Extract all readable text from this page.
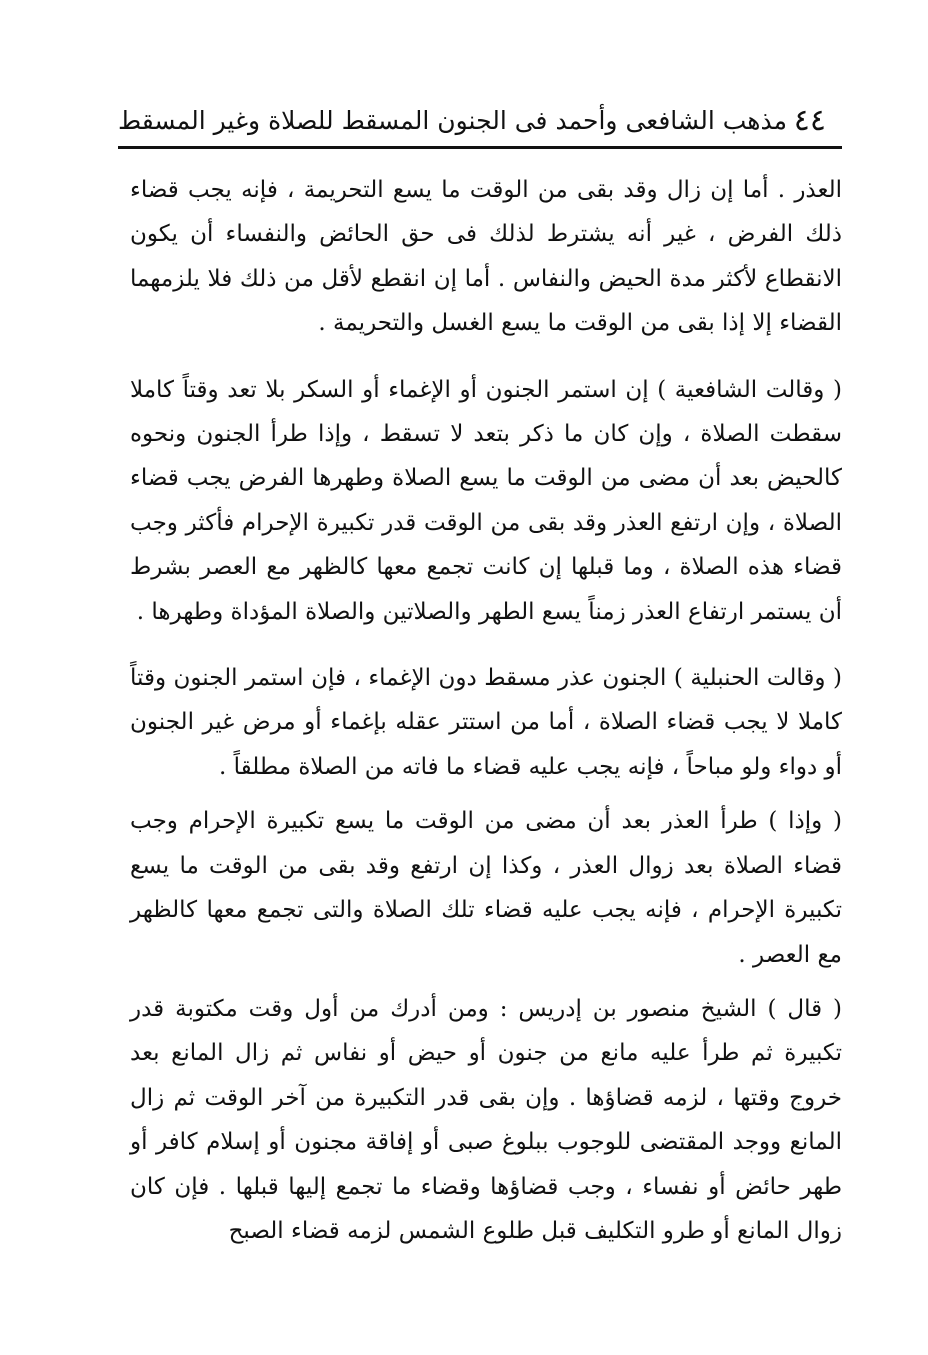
٤٤
مذهب الشافعى وأحمد فى الجنون المسقط للصلاة وغير المسقط

العذر . أما إن زال وقد بقى من الوقت ما يسع التحريمة ، فإنه يجب قضاء ذلك الفرض ، غير أنه يشترط لذلك فى حق الحائض والنفساء أن يكون الانقطاع لأكثر مدة الحيض والنفاس . أما إن انقطع لأقل من ذلك فلا يلزمهما القضاء إلا إذا بقى من الوقت ما يسع الغسل والتحريمة .

( وقالت الشافعية ) إن استمر الجنون أو الإغماء أو السكر بلا تعد وقتاً كاملا سقطت الصلاة ، وإن كان ما ذكر بتعد لا تسقط ، وإذا طرأ الجنون ونحوه كالحيض بعد أن مضى من الوقت ما يسع الصلاة وطهرها الفرض يجب قضاء الصلاة ، وإن ارتفع العذر وقد بقى من الوقت قدر تكبيرة الإحرام فأكثر وجب قضاء هذه الصلاة ، وما قبلها إن كانت تجمع معها كالظهر مع العصر بشرط أن يستمر ارتفاع العذر زمناً يسع الطهر والصلاتين والصلاة المؤداة وطهرها .

( وقالت الحنبلية ) الجنون عذر مسقط دون الإغماء ، فإن استمر الجنون وقتاً كاملا لا يجب قضاء الصلاة ، أما من استتر عقله بإغماء أو مرض غير الجنون أو دواء ولو مباحاً ، فإنه يجب عليه قضاء ما فاته من الصلاة مطلقاً .

( وإذا ) طرأ العذر بعد أن مضى من الوقت ما يسع تكبيرة الإحرام وجب قضاء الصلاة بعد زوال العذر ، وكذا إن ارتفع وقد بقى من الوقت ما يسع تكبيرة الإحرام ، فإنه يجب عليه قضاء تلك الصلاة والتى تجمع معها كالظهر مع العصر .

( قال ) الشيخ منصور بن إدريس : ومن أدرك من أول وقت مكتوبة قدر تكبيرة ثم طرأ عليه مانع من جنون أو حيض أو نفاس ثم زال المانع بعد خروج وقتها ، لزمه قضاؤها . وإن بقى قدر التكبيرة من آخر الوقت ثم زال المانع ووجد المقتضى للوجوب ببلوغ صبى أو إفاقة مجنون أو إسلام كافر أو طهر حائض أو نفساء ، وجب قضاؤها وقضاء ما تجمع إليها قبلها . فإن كان زوال المانع أو طرو التكليف قبل طلوع الشمس لزمه قضاء الصبح
